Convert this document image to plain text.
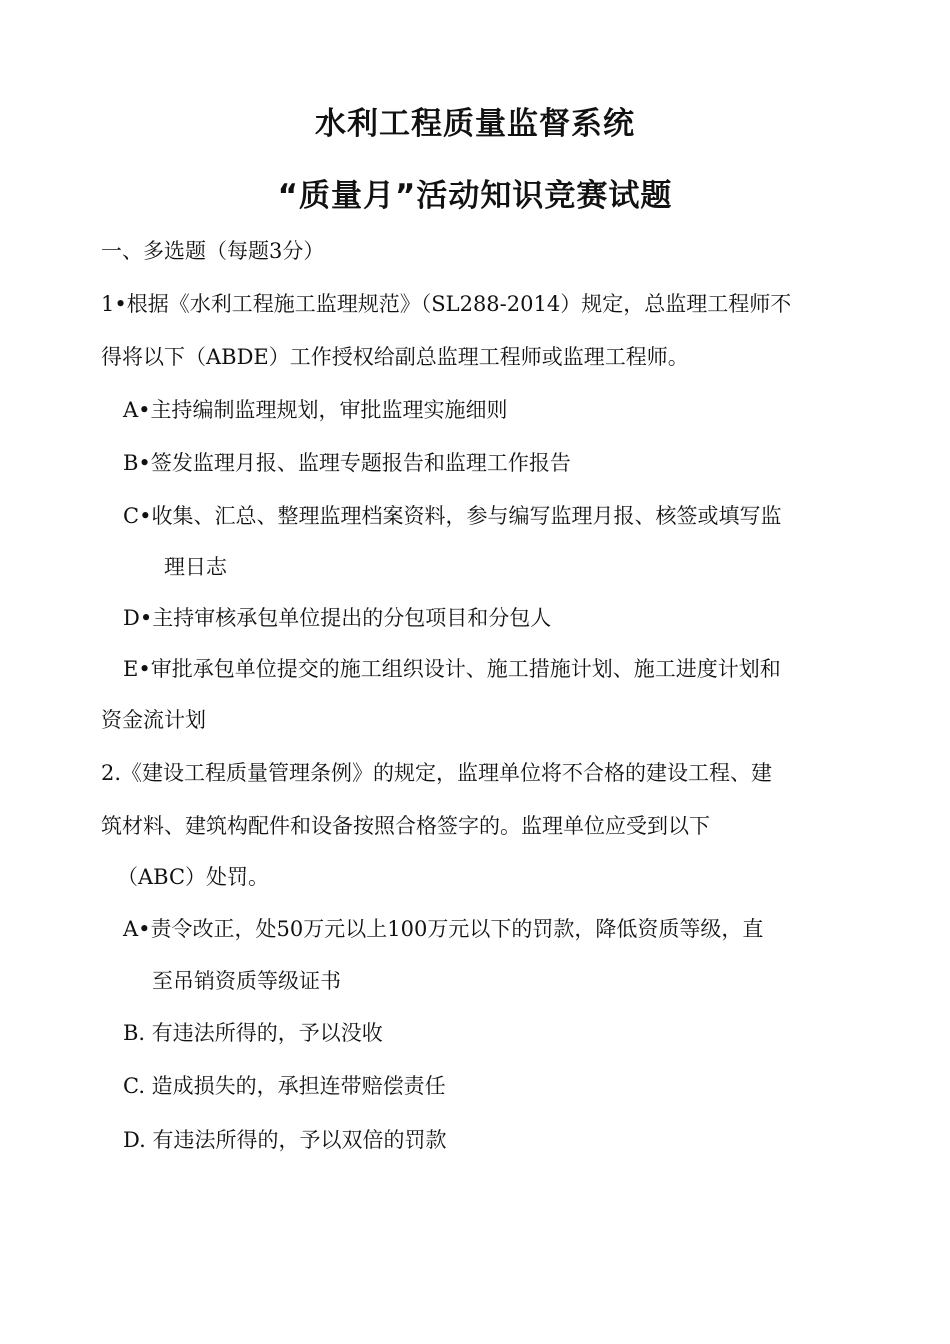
水利工程质量监督系统
“质量月”活动知识竞赛试题
一、多选题（每题3分）
1•根据《水利工程施工监理规范》（SL288-2014）规定，总监理工程师不
得将以下（ABDE）工作授权给副总监理工程师或监理工程师。
A•主持编制监理规划，审批监理实施细则
B•签发监理月报、监理专题报告和监理工作报告
C•收集、汇总、整理监理档案资料，参与编写监理月报、核签或填写监
理日志
D•主持审核承包单位提出的分包项目和分包人
E•审批承包单位提交的施工组织设计、施工措施计划、施工进度计划和
资金流计划
2.《建设工程质量管理条例》的规定，监理单位将不合格的建设工程、建
筑材料、建筑构配件和设备按照合格签字的。监理单位应受到以下
（ABC）处罚。
A•责令改正，处50万元以上100万元以下的罚款，降低资质等级，直
至吊销资质等级证书
B. 有违法所得的，予以没收
C. 造成损失的，承担连带赔偿责任
D. 有违法所得的，予以双倍的罚款
